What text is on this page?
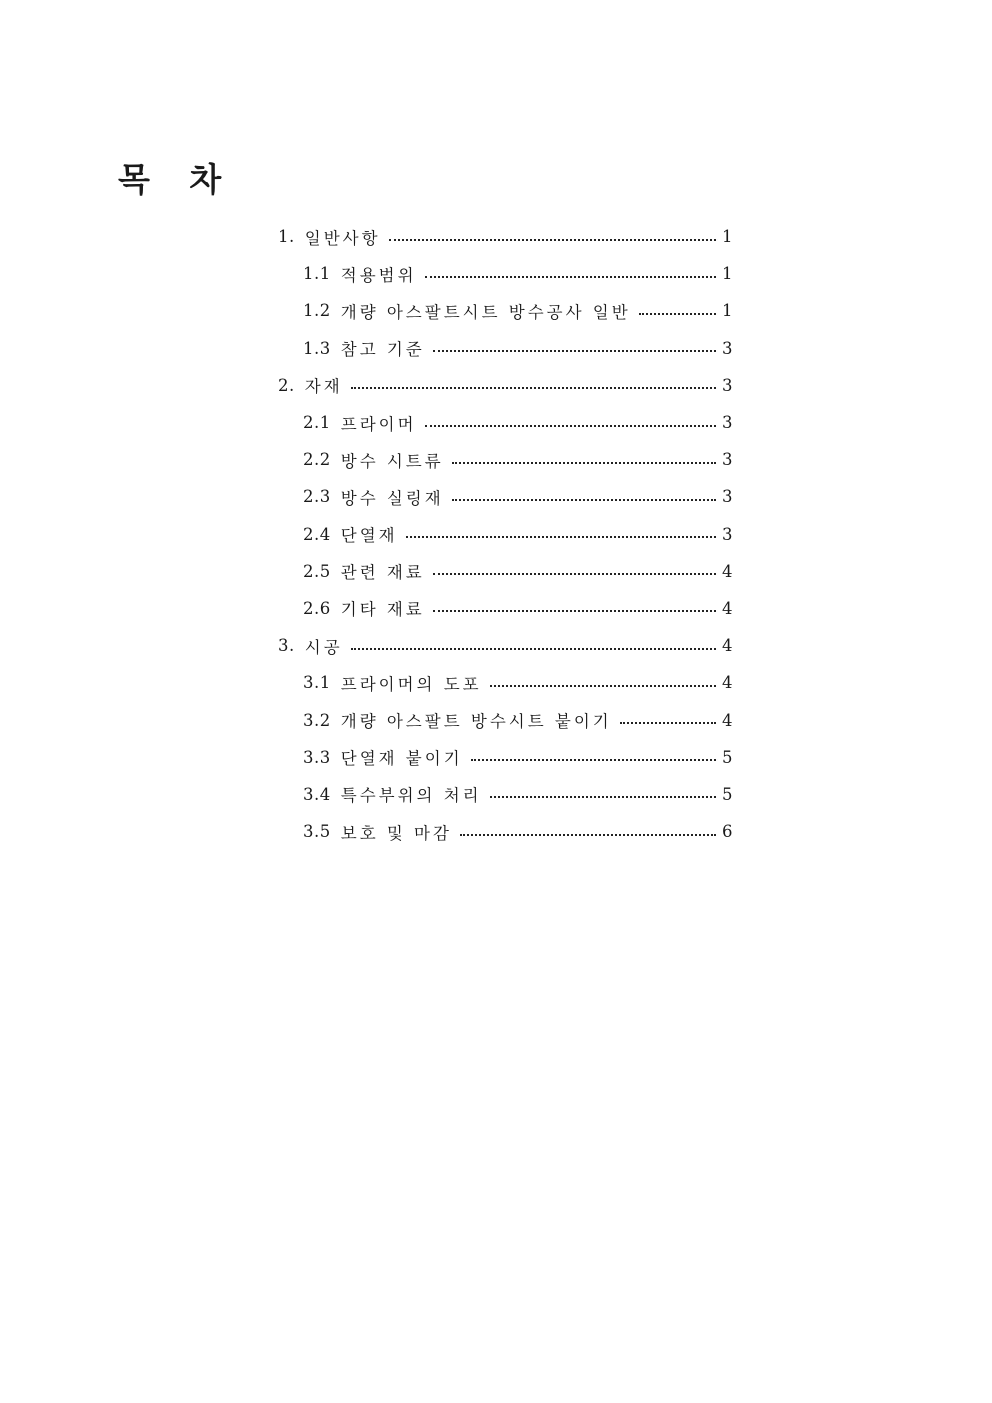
목 차
1. 일반사항	1
1.1 적용범위	1
1.2 개량 아스팔트시트 방수공사 일반	1
1.3 참고 기준	3
2. 자재	3
2.1 프라이머	3
2.2 방수 시트류	3
2.3 방수 실링재	3
2.4 단열재	3
2.5 관련 재료	4
2.6 기타 재료	4
3. 시공	4
3.1 프라이머의 도포	4
3.2 개량 아스팔트 방수시트 붙이기	4
3.3 단열재 붙이기	5
3.4 특수부위의 처리	5
3.5 보호 및 마감	6
